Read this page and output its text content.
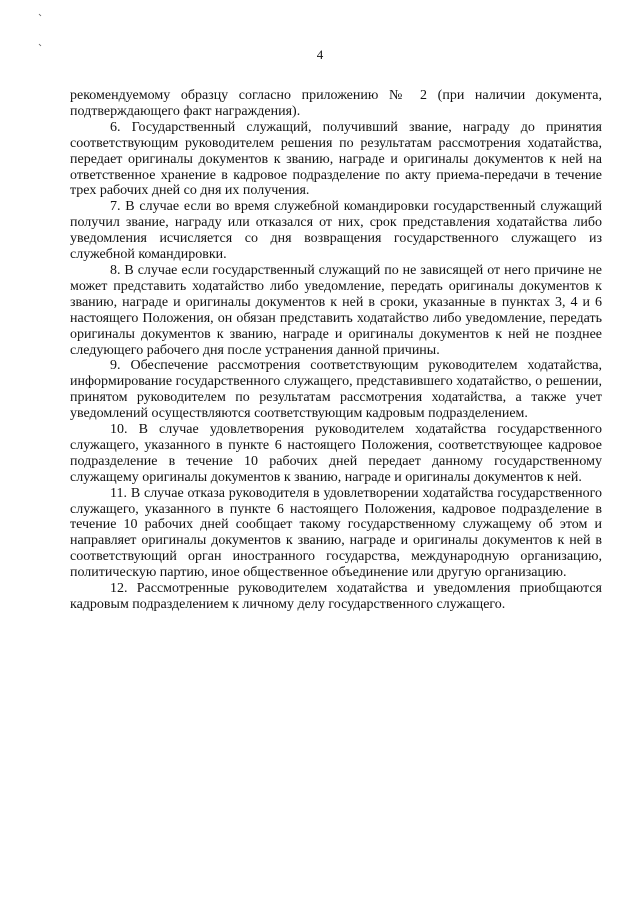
4

рекомендуемому образцу согласно приложению № 2 (при наличии документа, подтверждающего факт награждения).

6. Государственный служащий, получивший звание, награду до принятия соответствующим руководителем решения по результатам рассмотрения ходатайства, передает оригиналы документов к званию, награде и оригиналы документов к ней на ответственное хранение в кадровое подразделение по акту приема-передачи в течение трех рабочих дней со дня их получения.

7. В случае если во время служебной командировки государственный служащий получил звание, награду или отказался от них, срок представления ходатайства либо уведомления исчисляется со дня возвращения государственного служащего из служебной командировки.

8. В случае если государственный служащий по не зависящей от него причине не может представить ходатайство либо уведомление, передать оригиналы документов к званию, награде и оригиналы документов к ней в сроки, указанные в пунктах 3, 4 и 6 настоящего Положения, он обязан представить ходатайство либо уведомление, передать оригиналы документов к званию, награде и оригиналы документов к ней не позднее следующего рабочего дня после устранения данной причины.

9. Обеспечение рассмотрения соответствующим руководителем ходатайства, информирование государственного служащего, представившего ходатайство, о решении, принятом руководителем по результатам рассмотрения ходатайства, а также учет уведомлений осуществляются соответствующим кадровым подразделением.

10. В случае удовлетворения руководителем ходатайства государственного служащего, указанного в пункте 6 настоящего Положения, соответствующее кадровое подразделение в течение 10 рабочих дней передает данному государственному служащему оригиналы документов к званию, награде и оригиналы документов к ней.

11. В случае отказа руководителя в удовлетворении ходатайства государственного служащего, указанного в пункте 6 настоящего Положения, кадровое подразделение в течение 10 рабочих дней сообщает такому государственному служащему об этом и направляет оригиналы документов к званию, награде и оригиналы документов к ней в соответствующий орган иностранного государства, международную организацию, политическую партию, иное общественное объединение или другую организацию.

12. Рассмотренные руководителем ходатайства и уведомления приобщаются кадровым подразделением к личному делу государственного служащего.
